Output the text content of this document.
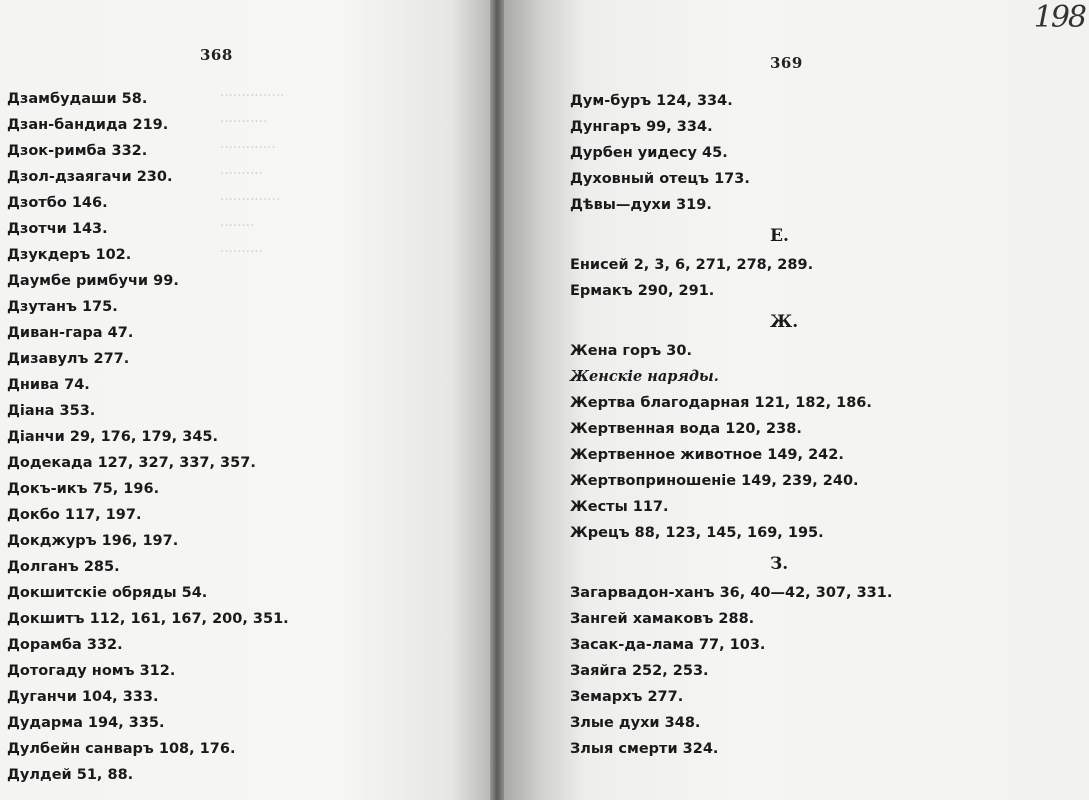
···············
···········
·············
··········
··············
········
··········
368
Дзамбудаши 58.
Дзан-бандида 219.
Дзок-римба 332.
Дзол-дзаягачи 230.
Дзотбо 146.
Дзотчи 143.
Дзукдеръ 102.
Даумбе римбучи 99.
Дзутанъ 175.
Диван-гара 47.
Дизавулъ 277.
Днива 74.
Діана 353.
Діанчи 29, 176, 179, 345.
Додекада 127, 327, 337, 357.
Докъ-икъ 75, 196.
Докбо 117, 197.
Докджуръ 196, 197.
Долганъ 285.
Докшитскіе обряды 54.
Докшитъ 112, 161, 167, 200, 351.
Дорамба 332.
Дотогаду номъ 312.
Дуганчи 104, 333.
Дударма 194, 335.
Дулбейн санваръ 108, 176.
Дулдей 51, 88.
369
198
Дум-буръ 124, 334.
Дунгаръ 99, 334.
Дурбен уидесу 45.
Духовный отецъ 173.
Дѣвы—духи 319.
Е.
Енисей 2, 3, 6, 271, 278, 289.
Ермакъ 290, 291.
Ж.
Жена горъ 30.
Женскіе наряды.
Жертва благодарная 121, 182, 186.
Жертвенная вода 120, 238.
Жертвенное животное 149, 242.
Жертвоприношеніе 149, 239, 240.
Жесты 117.
Жрецъ 88, 123, 145, 169, 195.
З.
Загарвадон-ханъ 36, 40—42, 307, 331.
Зангей хамаковъ 288.
Засак-да-лама 77, 103.
Заяйга 252, 253.
Земархъ 277.
Злые духи 348.
Злыя смерти 324.
